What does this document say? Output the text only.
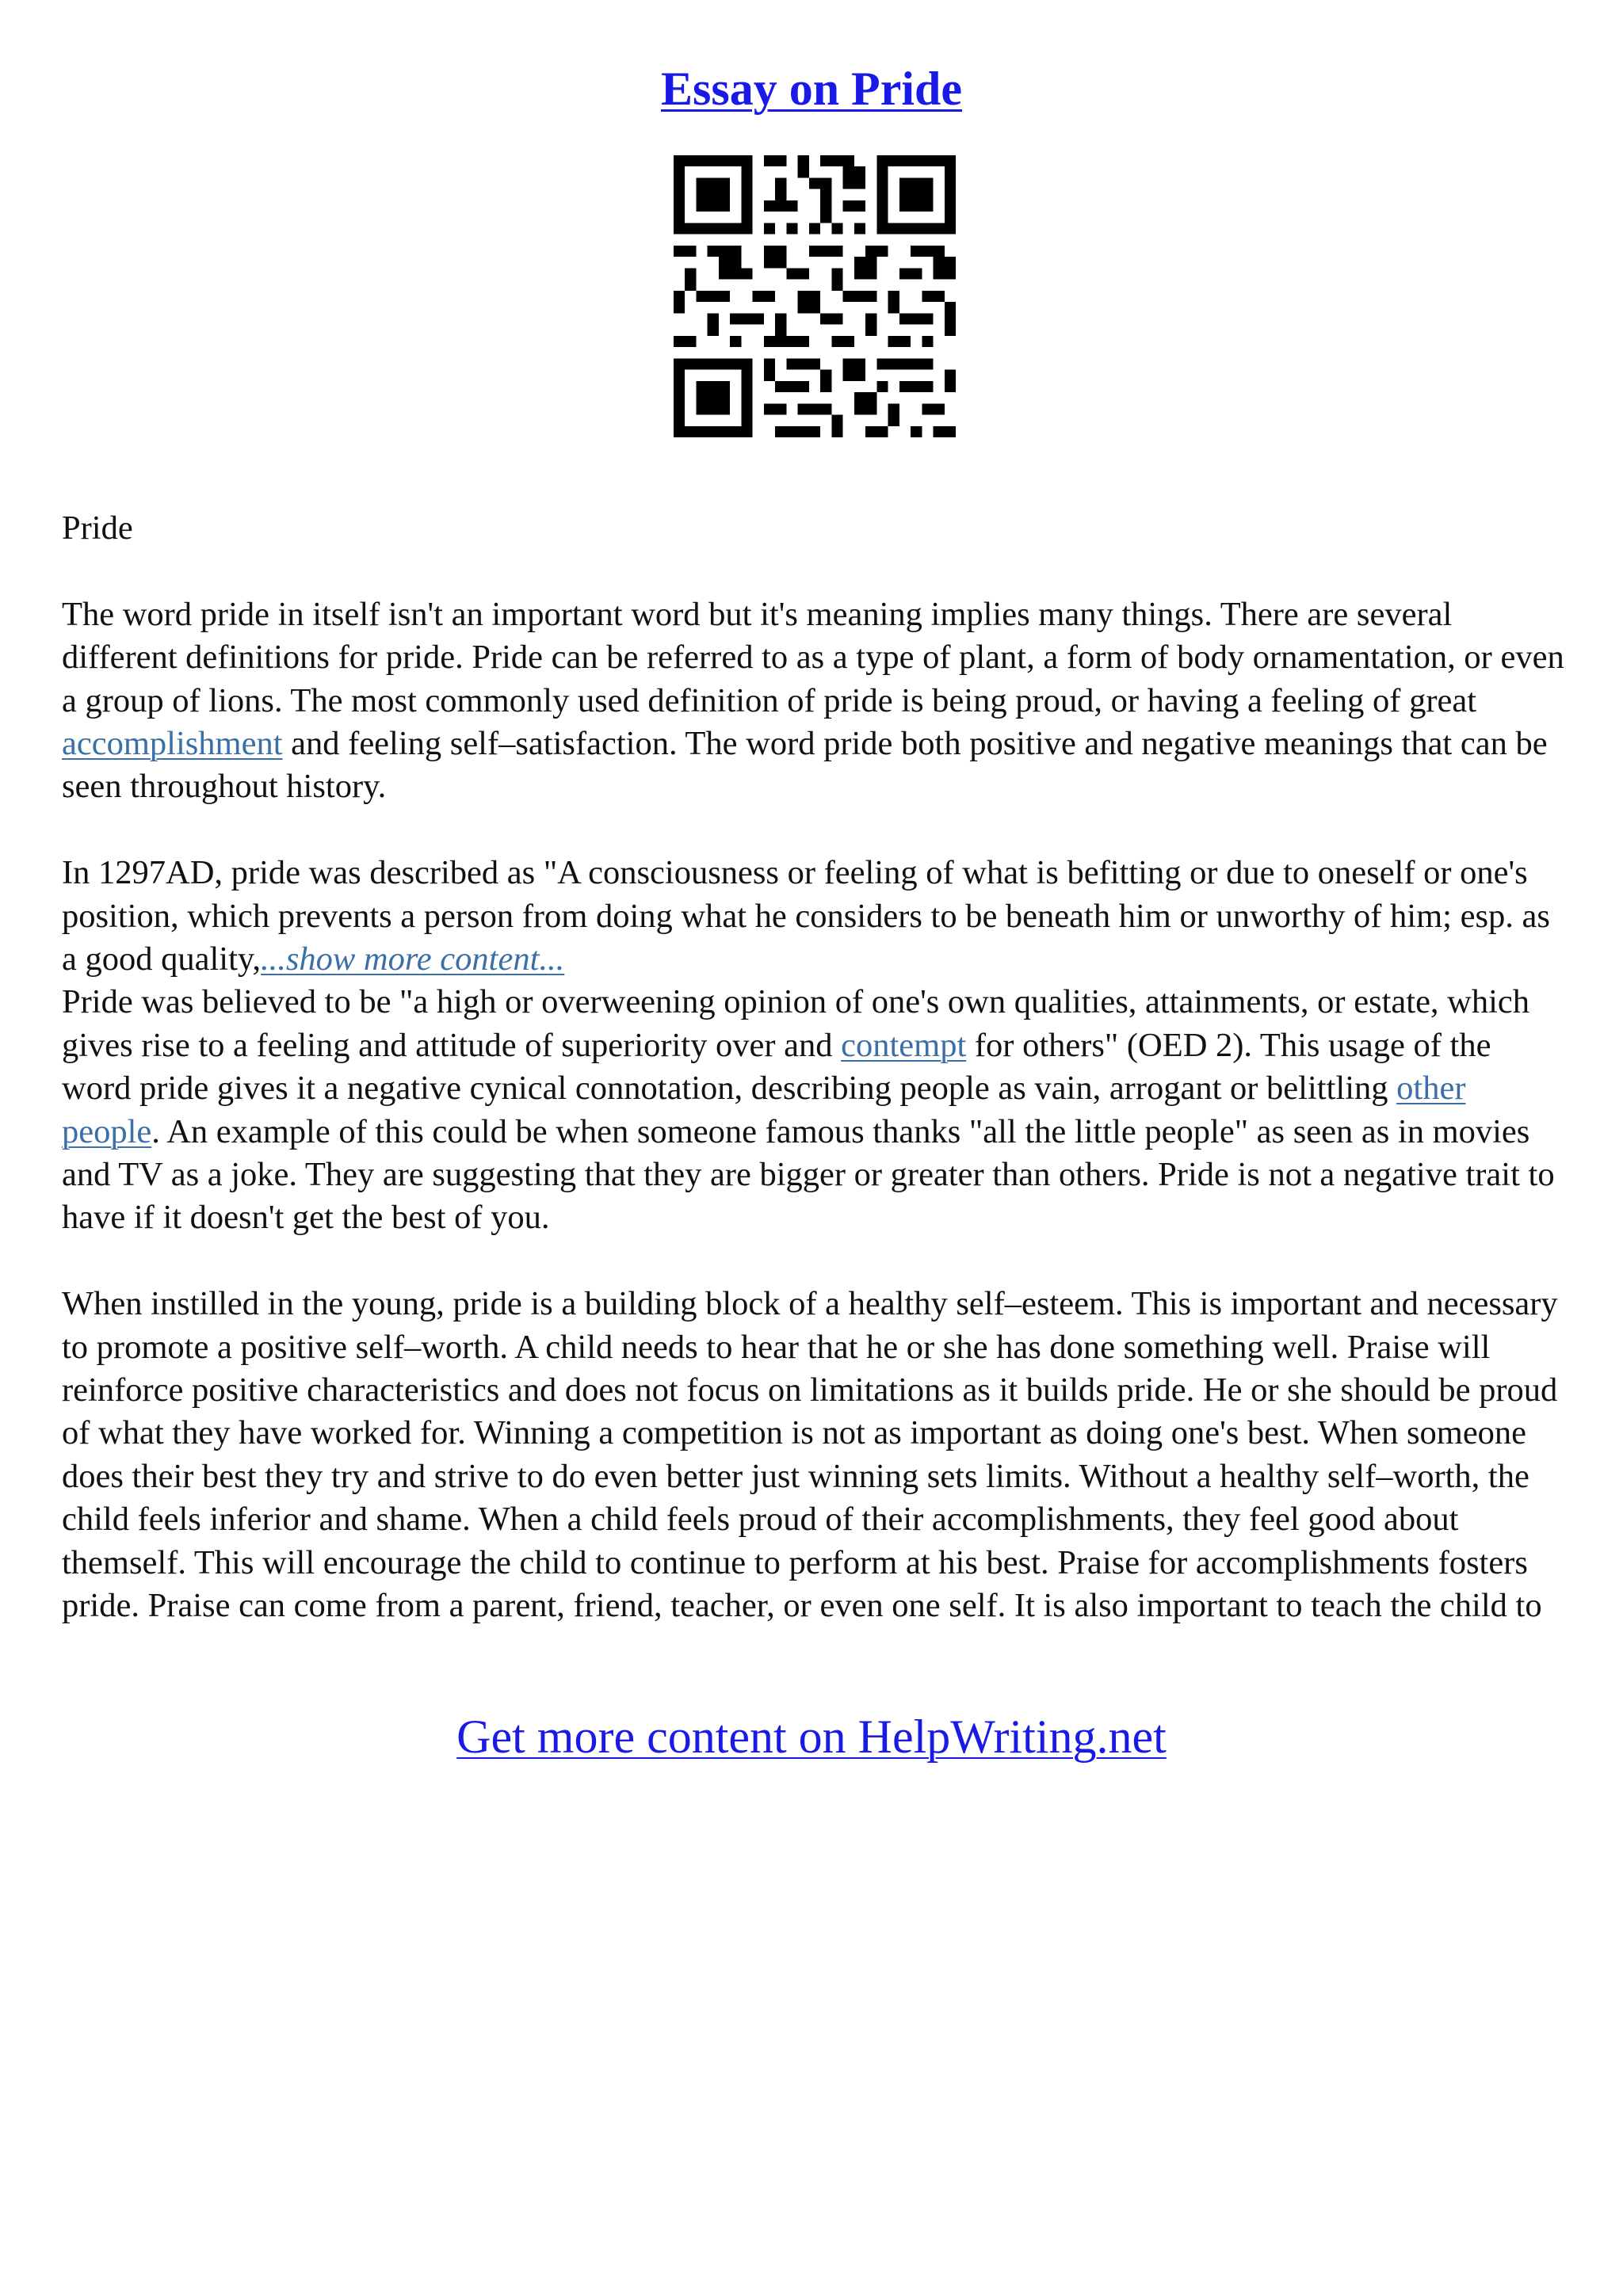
Essay on Pride

Pride

The word pride in itself isn't an important word but it's meaning implies many things. There are several different definitions for pride. Pride can be referred to as a type of plant, a form of body ornamentation, or even a group of lions. The most commonly used definition of pride is being proud, or having a feeling of great accomplishment and feeling self–satisfaction. The word pride both positive and negative meanings that can be seen throughout history.

In 1297AD, pride was described as "A consciousness or feeling of what is befitting or due to oneself or one's position, which prevents a person from doing what he considers to be beneath him or unworthy of him; esp. as a good quality,...show more content...

Pride was believed to be "a high or overweening opinion of one's own qualities, attainments, or estate, which gives rise to a feeling and attitude of superiority over and contempt for others" (OED 2). This usage of the word pride gives it a negative cynical connotation, describing people as vain, arrogant or belittling other people. An example of this could be when someone famous thanks "all the little people" as seen as in movies and TV as a joke. They are suggesting that they are bigger or greater than others. Pride is not a negative trait to have if it doesn't get the best of you.

When instilled in the young, pride is a building block of a healthy self–esteem. This is important and necessary to promote a positive self–worth. A child needs to hear that he or she has done something well. Praise will reinforce positive characteristics and does not focus on limitations as it builds pride. He or she should be proud of what they have worked for. Winning a competition is not as important as doing one's best. When someone does their best they try and strive to do even better just winning sets limits. Without a healthy self–worth, the child feels inferior and shame. When a child feels proud of their accomplishments, they feel good about themself. This will encourage the child to continue to perform at his best. Praise for accomplishments fosters pride. Praise can come from a parent, friend, teacher, or even one self. It is also important to teach the child to

Get more content on HelpWriting.net
